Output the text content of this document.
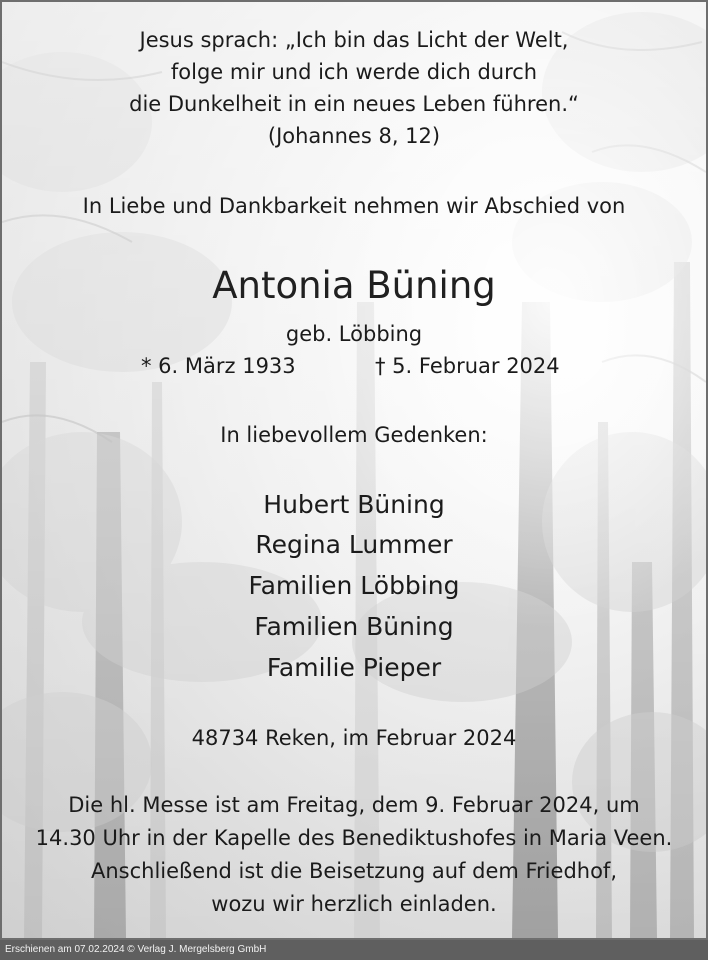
Jesus sprach: „Ich bin das Licht der Welt,
folge mir und ich werde dich durch
die Dunkelheit in ein neues Leben führen.“
(Johannes 8, 12)
In Liebe und Dankbarkeit nehmen wir Abschied von
Antonia Büning
geb. Löbbing
* 6. März 1933	† 5. Februar 2024
In liebevollem Gedenken:
Hubert Büning
Regina Lummer
Familien Löbbing
Familien Büning
Familie Pieper
48734 Reken, im Februar 2024
Die hl. Messe ist am Freitag, dem 9. Februar 2024, um
14.30 Uhr in der Kapelle des Benediktushofes in Maria Veen.
Anschließend ist die Beisetzung auf dem Friedhof,
wozu wir herzlich einladen.
Erschienen am 07.02.2024 © Verlag J. Mergelsberg GmbH
